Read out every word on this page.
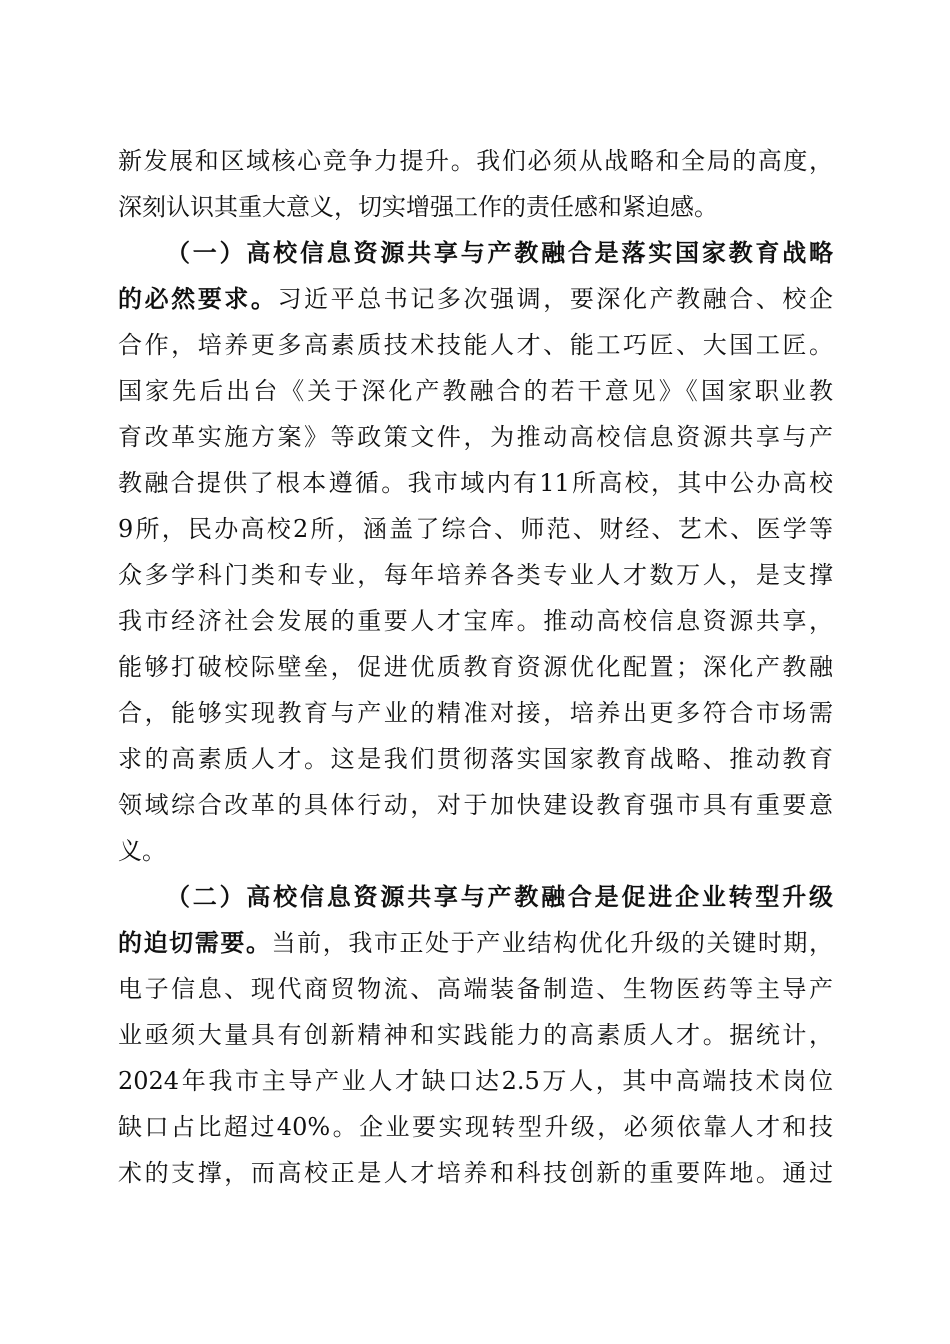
新发展和区域核心竞争力提升。我们必须从战略和全局的高度，
深刻认识其重大意义，切实增强工作的责任感和紧迫感。
（一）高校信息资源共享与产教融合是落实国家教育战略
的必然要求。习近平总书记多次强调，要深化产教融合、校企
合作，培养更多高素质技术技能人才、能工巧匠、大国工匠。
国家先后出台《关于深化产教融合的若干意见》《国家职业教
育改革实施方案》等政策文件，为推动高校信息资源共享与产
教融合提供了根本遵循。我市域内有11所高校，其中公办高校
9所，民办高校2所，涵盖了综合、师范、财经、艺术、医学等
众多学科门类和专业，每年培养各类专业人才数万人，是支撑
我市经济社会发展的重要人才宝库。推动高校信息资源共享，
能够打破校际壁垒，促进优质教育资源优化配置；深化产教融
合，能够实现教育与产业的精准对接，培养出更多符合市场需
求的高素质人才。这是我们贯彻落实国家教育战略、推动教育
领域综合改革的具体行动，对于加快建设教育强市具有重要意
义。
（二）高校信息资源共享与产教融合是促进企业转型升级
的迫切需要。当前，我市正处于产业结构优化升级的关键时期，
电子信息、现代商贸物流、高端装备制造、生物医药等主导产
业亟须大量具有创新精神和实践能力的高素质人才。据统计，
2024年我市主导产业人才缺口达2.5万人，其中高端技术岗位
缺口占比超过40%。企业要实现转型升级，必须依靠人才和技
术的支撑，而高校正是人才培养和科技创新的重要阵地。通过
